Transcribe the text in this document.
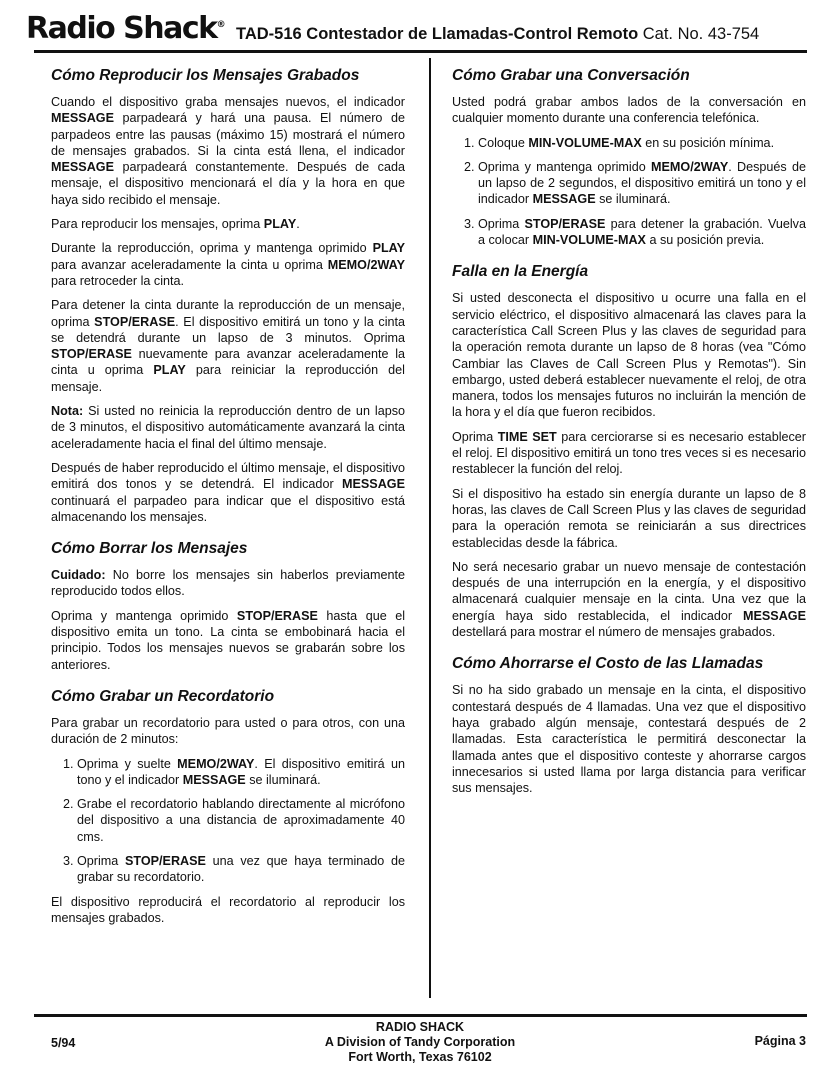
Radio Shack® TAD-516 Contestador de Llamadas-Control Remoto Cat. No. 43-754
Cómo Reproducir los Mensajes Grabados

Cuando el dispositivo graba mensajes nuevos, el indicador MESSAGE parpadeará y hará una pausa. El número de parpadeos entre las pausas (máximo 15) mostrará el número de mensajes grabados. Si la cinta está llena, el indicador MESSAGE parpadeará constantemente. Después de cada mensaje, el dispositivo mencionará el día y la hora en que haya sido recibido el mensaje.

Para reproducir los mensajes, oprima PLAY.

Durante la reproducción, oprima y mantenga oprimido PLAY para avanzar aceleradamente la cinta u oprima MEMO/2WAY para retroceder la cinta.

Para detener la cinta durante la reproducción de un mensaje, oprima STOP/ERASE. El dispositivo emitirá un tono y la cinta se detendrá durante un lapso de 3 minutos. Oprima STOP/ERASE nuevamente para avanzar aceleradamente la cinta u oprima PLAY para reiniciar la reproducción del mensaje.

Nota: Si usted no reinicia la reproducción dentro de un lapso de 3 minutos, el dispositivo automáticamente avanzará la cinta aceleradamente hacia el final del último mensaje.

Después de haber reproducido el último mensaje, el dispositivo emitirá dos tonos y se detendrá. El indicador MESSAGE continuará el parpadeo para indicar que el dispositivo está almacenando los mensajes.

Cómo Borrar los Mensajes

Cuidado: No borre los mensajes sin haberlos previamente reproducido todos ellos.

Oprima y mantenga oprimido STOP/ERASE hasta que el dispositivo emita un tono. La cinta se embobinará hacia el principio. Todos los mensajes nuevos se grabarán sobre los anteriores.

Cómo Grabar un Recordatorio

Para grabar un recordatorio para usted o para otros, con una duración de 2 minutos:

1. Oprima y suelte MEMO/2WAY. El dispositivo emitirá un tono y el indicador MESSAGE se iluminará.
2. Grabe el recordatorio hablando directamente al micrófono del dispositivo a una distancia de aproximadamente 40 cms.
3. Oprima STOP/ERASE una vez que haya terminado de grabar su recordatorio.

El dispositivo reproducirá el recordatorio al reproducir los mensajes grabados.

Cómo Grabar una Conversación

Usted podrá grabar ambos lados de la conversación en cualquier momento durante una conferencia telefónica.

1. Coloque MIN-VOLUME-MAX en su posición mínima.
2. Oprima y mantenga oprimido MEMO/2WAY. Después de un lapso de 2 segundos, el dispositivo emitirá un tono y el indicador MESSAGE se iluminará.
3. Oprima STOP/ERASE para detener la grabación. Vuelva a colocar MIN-VOLUME-MAX a su posición previa.
Falla en la Energía

Si usted desconecta el dispositivo u ocurre una falla en el servicio eléctrico, el dispositivo almacenará las claves para la característica Call Screen Plus y las claves de seguridad para la operación remota durante un lapso de 8 horas (vea "Cómo Cambiar las Claves de Call Screen Plus y Remotas"). Sin embargo, usted deberá establecer nuevamente el reloj, de otra manera, todos los mensajes futuros no incluirán la mención de la hora y el día que fueron recibidos.

Oprima TIME SET para cerciorarse si es necesario establecer el reloj. El dispositivo emitirá un tono tres veces si es necesario restablecer la función del reloj.

Si el dispositivo ha estado sin energía durante un lapso de 8 horas, las claves de Call Screen Plus y las claves de seguridad para la operación remota se reiniciarán a sus directrices establecidas desde la fábrica.

No será necesario grabar un nuevo mensaje de contestación después de una interrupción en la energía, y el dispositivo almacenará cualquier mensaje en la cinta. Una vez que la energía haya sido restablecida, el indicador MESSAGE destellará para mostrar el número de mensajes grabados.

Cómo Ahorrarse el Costo de las Llamadas

Si no ha sido grabado un mensaje en la cinta, el dispositivo contestará después de 4 llamadas. Una vez que el dispositivo haya grabado algún mensaje, contestará después de 2 llamadas. Esta característica le permitirá desconectar la llamada antes que el dispositivo conteste y ahorrarse cargos innecesarios si usted llama por larga distancia para verificar sus mensajes.

5/94
RADIO SHACK
A Division of Tandy Corporation
Fort Worth, Texas 76102
Página 3
